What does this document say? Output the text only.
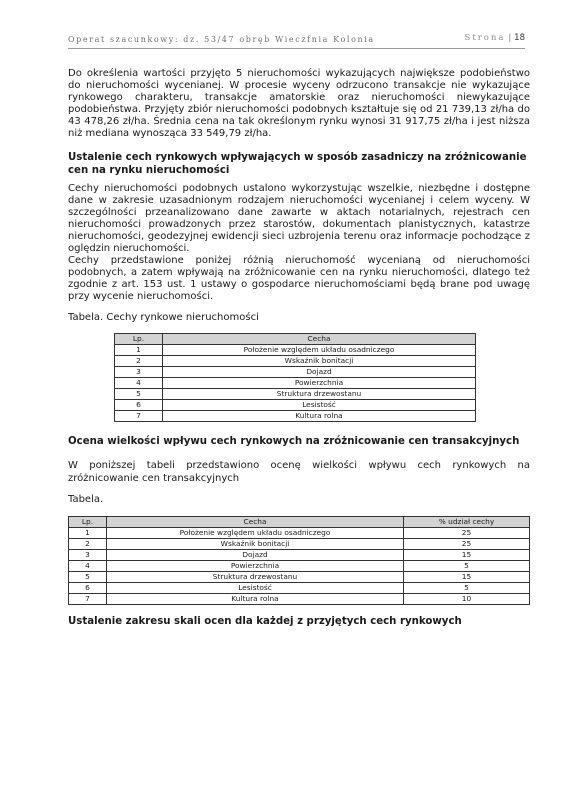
Operat szacunkowy: dz. 53/47 obręb Wieczfnia Kolonia	Strona | 18

Do określenia wartości przyjęto 5 nieruchomości wykazujących największe podobieństwo do nieruchomości wycenianej. W procesie wyceny odrzucono transakcje nie wykazujące rynkowego charakteru, transakcje amatorskie oraz nieruchomości niewykazujące podobieństwa. Przyjęty zbiór nieruchomości podobnych kształtuje się od 21 739,13 zł/ha do 43 478,26 zł/ha. Średnia cena na tak określonym rynku wynosi 31 917,75 zł/ha i jest niższa niż mediana wynosząca 33 549,79 zł/ha.

Ustalenie cech rynkowych wpływających w sposób zasadniczy na zróżnicowanie cen na rynku nieruchomości

Cechy nieruchomości podobnych ustalono wykorzystując wszelkie, niezbędne i dostępne dane w zakresie uzasadnionym rodzajem nieruchomości wycenianej i celem wyceny. W szczególności przeanalizowano dane zawarte w aktach notarialnych, rejestrach cen nieruchomości prowadzonych przez starostów, dokumentach planistycznych, katastrze nieruchomości, geodezyjnej ewidencji sieci uzbrojenia terenu oraz informacje pochodzące z oględzin nieruchomości.

Cechy przedstawione poniżej różnią nieruchomość wycenianą od nieruchomości podobnych, a zatem wpływają na zróżnicowanie cen na rynku nieruchomości, dlatego też zgodnie z art. 153 ust. 1 ustawy o gospodarce nieruchomościami będą brane pod uwagę przy wycenie nieruchomości.

Tabela. Cechy rynkowe nieruchomości

Lp.	Cecha
1	Położenie względem układu osadniczego
2	Wskaźnik bonitacji
3	Dojazd
4	Powierzchnia
5	Struktura drzewostanu
6	Lesistość
7	Kultura rolna

Ocena wielkości wpływu cech rynkowych na zróżnicowanie cen transakcyjnych

W poniższej tabeli przedstawiono ocenę wielkości wpływu cech rynkowych na zróżnicowanie cen transakcyjnych

Tabela.

Lp.	Cecha	% udział cechy
1	Położenie względem układu osadniczego	25
2	Wskaźnik bonitacji	25
3	Dojazd	15
4	Powierzchnia	5
5	Struktura drzewostanu	15
6	Lesistość	5
7	Kultura rolna	10

Ustalenie zakresu skali ocen dla każdej z przyjętych cech rynkowych
